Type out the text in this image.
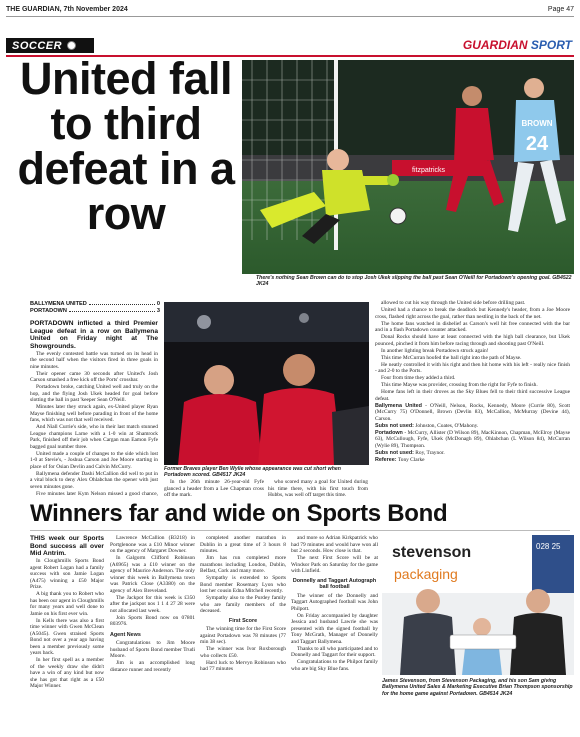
THE GUARDIAN, 7th November 2024	Page 47
SOCCER	GUARDIAN SPORT
United fall to third defeat in a row
BROWN
24
fitzpatricks
There's nothing Sean Brown can do to stop Josh Ukek slipping the ball past Sean O'Neill for Portadown's opening goal. GB4522 JK24
BALLYMENA UNITED	0
PORTADOWN	3

PORTADOWN inflicted a third Premier League defeat in a row on Ballymena United on Friday night at The Showgrounds.

The evenly contested battle was turned on its head in the second half when the visitors fired in three goals in nine minutes.

Their opener came 30 seconds after United's Josh Carson smashed a free kick off the Ports' crossbar.

Portadown broke, catching United well and truly on the hop, and the flying Josh Ukek headed for goal before slotting the ball in past 'keeper Sean O'Neill.

Minutes later they struck again, ex-United player Ryan Mayse finishing well before parading in front of the home fans, which was not that well received.

And Niall Currie's side, who in their last match stunned League champions Larne with a 1-0 win at Shamrock Park, finished off their job when Cargan man Eamon Fyfe bagged goal number three.

United made a couple of changes to the side which lost 1-0 at Stevie's, - Joshua Carson and Joe Moore starting in place of for Osian Devlin and Calvin McCurry.

Ballymena defender Dashi McCallion did well to put in a vital block to deny Alex Ohlabchan the opener with just seven minutes gone.

Five minutes later Kym Nelson missed a good chance,

Former Braves player Ben Wylie whose appearance was cut short when Portadown scored. GB4517 JK24

In the 26th minute 26-year-old Fyfe glanced a header from a Lee Chapman cross off the mark.

who scored many a goal for United during his time there, with his first touch from Hubbs, was well off target this time.

allowed to cut his way through the United side before drilling past.

United had a chance to break the deadlock but Kennedy's header, from a Joe Moore cross, flashed right across the goal, rather than nestling in the back of the net.

The home fans watched in disbelief as Carson's well hit free connected with the bar and in a flash Portadown counter attacked.

Donal Rocks should have at least connected with the high ball clearance, but Ukek pounced, pinched it from him before racing through and shooting past O'Neill.

In another lighting break Portadown struck again!

This time McCurran hoofed the ball right into the path of Mayse.

He neatly controlled it with his right and then hit home with his left - really nice finish - and 2-0 to the Ports.

Four from time they added a third.

This time Mayse was provider, crossing from the right for Fyfe to finish.

Home fans left in their droves as the Sky Blues fell to their third successive League defeat.

Ballymena United - O'Neill, Nelson, Rocks, Kennedy, Moore (Currie 80), Scott (McCurry 75) O'Donnell, Brown (Devlin 83), McCallion, McMurray (Devine 44), Carson.

Subs not used: Johnston, Coates, O'Mahony.

Portadown - McCurry, Allister (D Wilson 89), MacKinnon, Chapman, McElroy (Mayse 63), McCullough, Fyfe, Ukek (McDonagh 89), Ohlabchan (L Wilson 84), McCurran (Wylie 89), Thompson.

Subs not used: Roy, Traynor.

Referee: Tony Clarke

Winners far and wide on Sports Bond

THIS week our Sports Bond success all over Mid Antrim.

In Cloughmills Sports Bond agent Robert Logan had a family success with son Jamie Logan (A475) winning a £50 Major Prize.

A big thank you to Robert who has been our agent in Cloughmills for many years and well done to Jamie on his first ever win.

In Kells there was also a first time winner with Gwen McClean (A5045). Gwen straised Sports Bond not over a year ago having been a member previously some years back.

In her first spell as a member of the weekly draw she didn't have a win of any kind but now she has got that right as a £50 Major Winner.

Lawrence McCallion (B3218) in Portglenone was a £10 Minor winner on the agency of Margaret Downer.

In Galgorm Clifford Robinson (A6965) was a £10 winner on the agency of Maurice Anderson. The only winner this week in Ballymena town was Patrick Close (A3380) on the agency of Alex Breveland.

The Jackpot for this week is £350 after the jackpot nos 1 1 4 27 28 were not allocated last week.

Join Sports Bond now on 07801 803976.

Agent News

Congratulations to Jim Moore husband of Sports Bond member Trudi Moore.

Jim is an accomplished long distance runner and recently

completed another marathon in Dublin in a great time of 3 hours 8 minutes.

Jim has run completed more marathons including London, Dublin, Belfast, Cork and many more.

Sympathy is extended to Sports Bond member Rosemary Lyon who lost her cousin Edna Mitchell recently.

Sympathy also to the Purdey family who are family members of the deceased.

First Score

The winning time for the First Score against Portadown was 78 minutes (77 min 38 sec).

The winner was Ivor Roxborough who collects £50.

Hard luck to Mervyn Robinson who had 77 minutes

and more so Adrian Kirkpatrick who had 79 minutes and would have won all but 2 seconds. How close is that.

The next First Score will be at Windsor Park on Saturday for the game with Linfield.

Donnelly and Taggart Autograph ball football

The winner of the Donnelly and Taggart Autographed football was John Philpott.

On Friday accompanied by daughter Jessica and husband Lawrie she was presented with the signed football by Tony McGrath, Manager of Donnelly and Taggart Ballymena.

Thanks to all who participated and to Donnelly and Taggart for their support.

Congratulations to the Philpot family who are big Sky Blue fans.

stevenson
packaging
028 25
James Stevenson, from Stevenson Packaging, and his son Sam giving Ballymena United Sales & Marketing Executive Brian Thompson sponsorship for the home game against Portadown. GB4514 JK24
